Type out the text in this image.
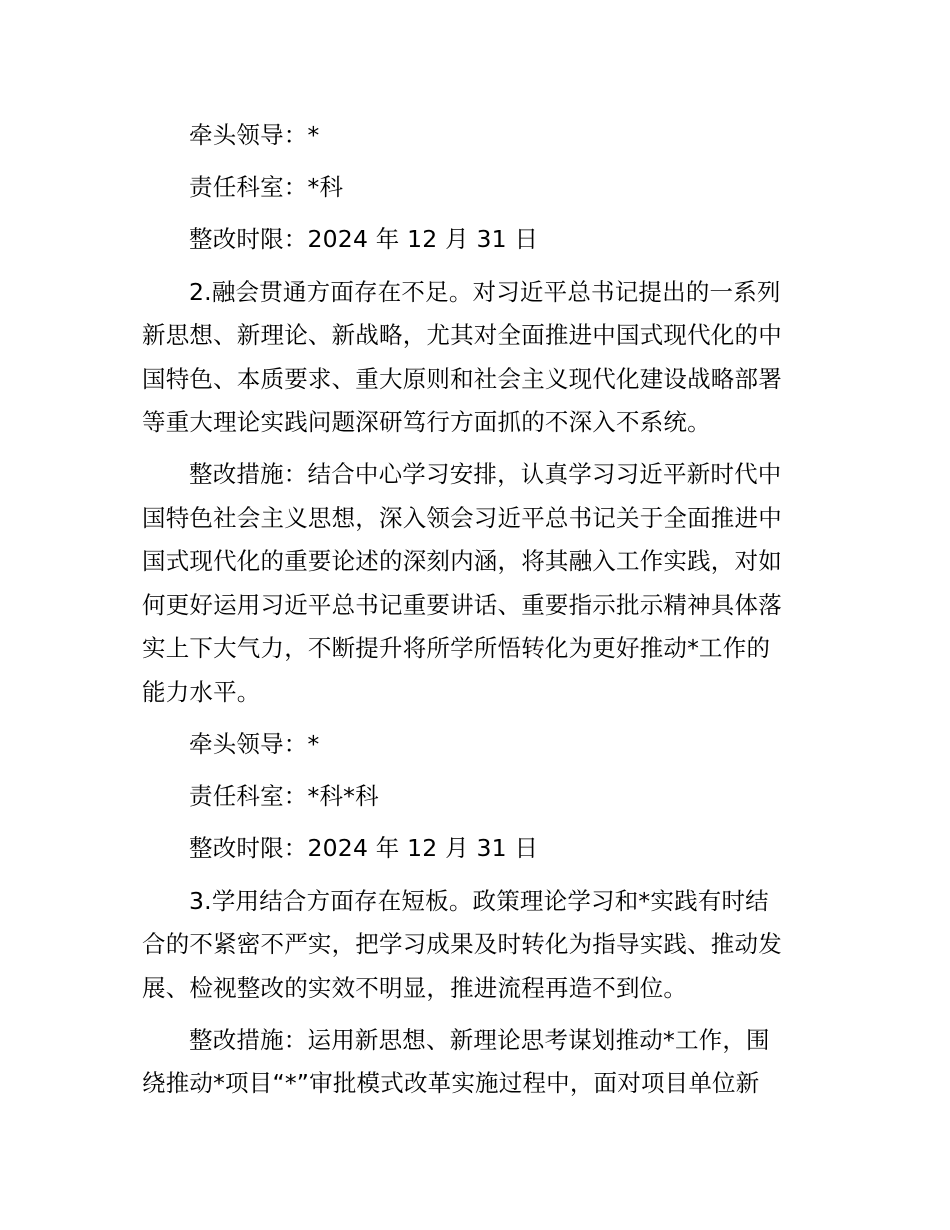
牵头领导：*
责任科室：*科
整改时限：2024 年 12 月 31 日
2.融会贯通方面存在不足。对习近平总书记提出的一系列
新思想、新理论、新战略，尤其对全面推进中国式现代化的中
国特色、本质要求、重大原则和社会主义现代化建设战略部署
等重大理论实践问题深研笃行方面抓的不深入不系统。
整改措施：结合中心学习安排，认真学习习近平新时代中
国特色社会主义思想，深入领会习近平总书记关于全面推进中
国式现代化的重要论述的深刻内涵，将其融入工作实践，对如
何更好运用习近平总书记重要讲话、重要指示批示精神具体落
实上下大气力，不断提升将所学所悟转化为更好推动*工作的
能力水平。
牵头领导：*
责任科室：*科*科
整改时限：2024 年 12 月 31 日
3.学用结合方面存在短板。政策理论学习和*实践有时结
合的不紧密不严实，把学习成果及时转化为指导实践、推动发
展、检视整改的实效不明显，推进流程再造不到位。
整改措施：运用新思想、新理论思考谋划推动*工作，围
绕推动*项目“*”审批模式改革实施过程中，面对项目单位新
